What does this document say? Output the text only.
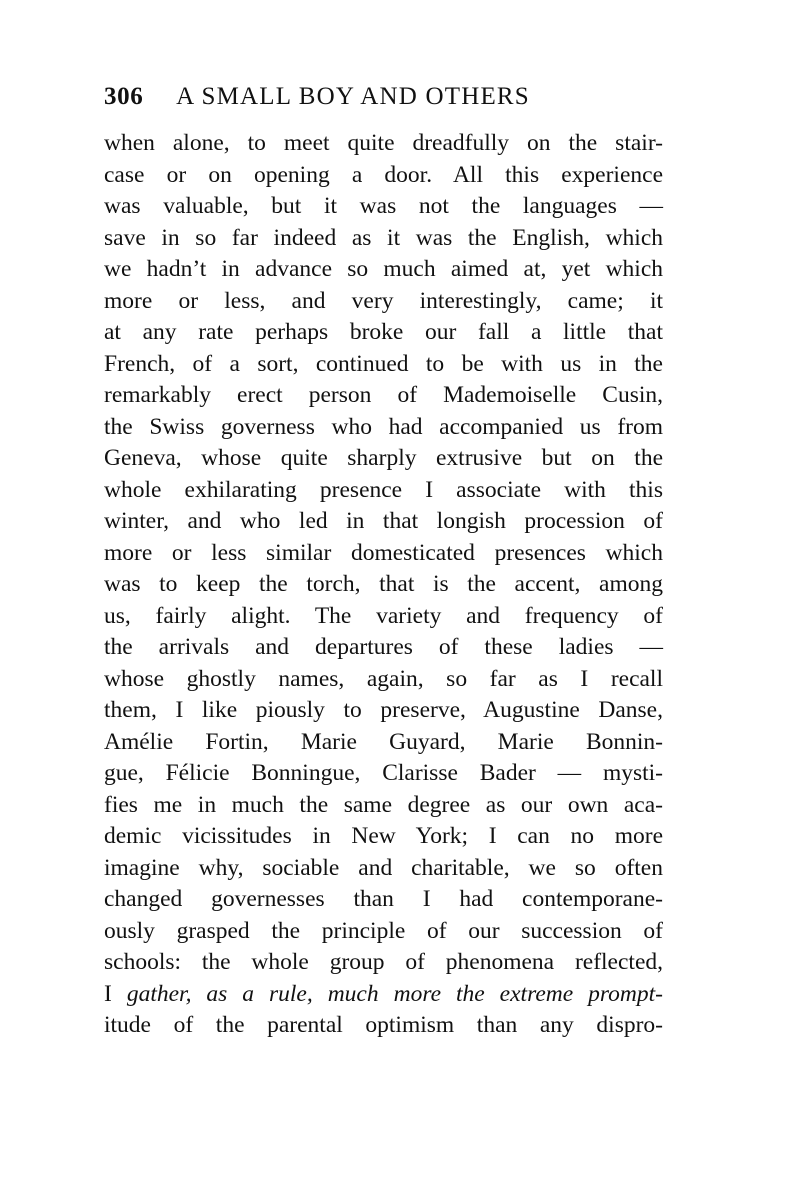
306 A SMALL BOY AND OTHERS
when alone, to meet quite dreadfully on the stair-
case or on opening a door. All this experience
was valuable, but it was not the languages —
save in so far indeed as it was the English, which
we hadn’t in advance so much aimed at, yet which
more or less, and very interestingly, came; it
at any rate perhaps broke our fall a little that
French, of a sort, continued to be with us in the
remarkably erect person of Mademoiselle Cusin,
the Swiss governess who had accompanied us from
Geneva, whose quite sharply extrusive but on the
whole exhilarating presence I associate with this
winter, and who led in that longish procession of
more or less similar domesticated presences which
was to keep the torch, that is the accent, among
us, fairly alight. The variety and frequency of
the arrivals and departures of these ladies —
whose ghostly names, again, so far as I recall
them, I like piously to preserve, Augustine Danse,
Amélie Fortin, Marie Guyard, Marie Bonnin-
gue, Félicie Bonningue, Clarisse Bader — mysti-
fies me in much the same degree as our own aca-
demic vicissitudes in New York; I can no more
imagine why, sociable and charitable, we so often
changed governesses than I had contemporane-
ously grasped the principle of our succession of
schools: the whole group of phenomena reflected,
I gather, as a rule, much more the extreme prompt-
itude of the parental optimism than any dispro-
